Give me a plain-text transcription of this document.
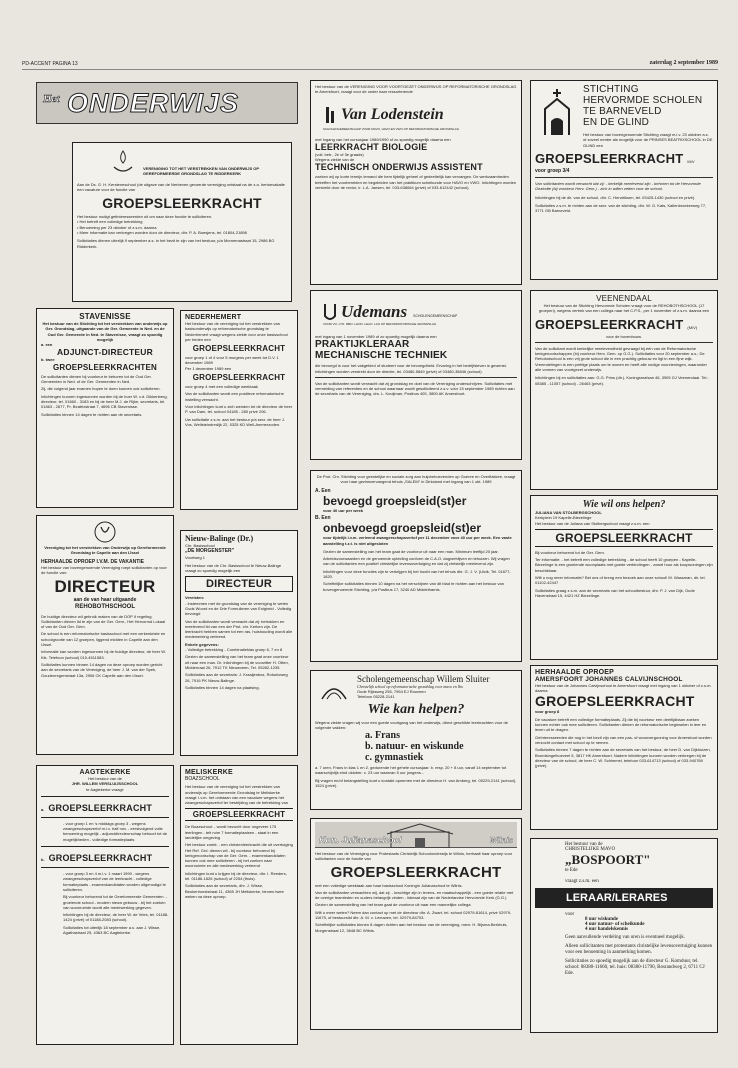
PD-ACCENT PAGINA 13	zaterdag 2 september 1989
Het ONDERWIJS
VERENIGING TOT HET VERSTREKKEN VAN ONDERWIJS OP GEREFORMEERDE GRONDSLAG TE RIDDERKERK
Aan de Ds. G. H. Kersteneschool (de uitgave van de Nerbeven gevoerde vereniging ontstaat na de z.a. hertoevakatie een vacature voor de functie van
GROEPSLEERKRACHT
Het bestuur nodigt getinteresseerden uit om naar deze functie te solliciteren.
• Het betreft een volledige betrekking
• Benoeming per 23 oktober of z.s.m. daarna
• Meer informatie kan verkregen worden door de directeur, dhr. P. A. Boesjens, tel. 01804-21898
Sollicitaties dienen uiterlijk 9 september a.s. in het bezit te zijn van het bestuur, p/a Mornemastraat 15, 2986 BG Ridderkerk.
Het bestuur van de VERENIGING VOOR VOORTGEZET ONDERWIJS OP REFORMATORISCHE GRONDSLAG te Amersfoort, vraagt voor de onder haar ressorterende
Van Lodenstein
SCHOLENGEMEENSCHAP VOOR MAVO, HAVO EN VWO OP REFORMATORISCHE GRONDSLAG
met ingang van het cursusjaar 1989/1990 of zo spoedig mogelijk daarna een
LEERKRACHT BIOLOGIE
(voll. betr., 2e of 3e graads)
Wegens ziekte van de
TECHNISCH ONDERWIJS ASSISTENT
zoeken wij op korte termijn iemand die hem tijdelijk geheel of gedeeltelijk kan vervangen. De werkzaamheden betreffen het voorbereiden en begeleiden van het praktikum scheikunde voor HAVO en VWO. Inlichtingen worden verstrekt door de rector, ir. L.A. Jansen, tel. 033-638064 (privé) of 033-612442 (school).
Udemans SCHOLENGEMEENSCHAP
VOOR VO. LTO. MBO. LHNO. LEAO. LAO OP REFORMATORISCHE GRONDSLAG
met ingang van 1 november 1989 of zo spoedig mogelijk daarna een
PRAKTIJKLERAAR
MECHANISCHE TECHNIEK
die bevoegd is voor het vakgebied of studeert voor de bevoegdheid. Ervaring in het bedrijfsleven is gewenst. Inlichtingen worden verstrekt door de directie, tel. 03480-5849 (privé) of 03480-35846 (school).
Van de sollicitanten wordt verwacht dat zij grondslag en doel van de Vereniging onderschrijven. Sollicitaties met vermelding van referenties en de school waarnaar wordt gesolliciteerd z.s.v. vóór 15 september 1989 richten aan de secretaris van de Vereniging, drs. L. Kooijman, Postbus 405, 3800 AK Amersfoort.
STICHTING
HERVORMDE SCHOLEN
TE BARNEVELD
EN DE GLIND
Het bestuur van bovengenoemde Stichting vraagt m.i.v. 23 oktober a.s. of zoveel eerder als mogelijk voor de PRINSES BEATRIXSCHOOL in DE GLIND een
GROEPSLEERKRACHT M/V
voor groep 3/4
Van sollicitanten wordt verwacht dat zij: - kerkelijk meelevend zijn - behoren tot de Hervormde Gezindte (bij voorkeur Herv. Gem.) - zich in willen zetten voor de school.
Inlichtingen bij de dir. van de school, dhr. C. Hendriksen, tel. 03425-1430 (school en privé).
Sollicitaties z.s.m. te richten aan de secr. van de stichting, dhr. W. G. Kats, Kallenbroekerweg 77, 3771 GB Barneveld.
VEENENDAAL
Het bestuur van de Stichting Hervormde Scholen vraagt voor de REHOBOTHSCHOOL (17 groepen), wegens vertrek van een collega naar het C.P.S., per 1 november of z.s.m. daarna een
GROEPSLEERKRACHT (M/V)
voor de bovenbouw.
Van de sollicitant wordt kerkelijke meelevendheid gevraagd bij één van de Reformatorische kerkgenootschappen (bij voorkeur Herv. Gem. op G.G.). Sollicitaties voor 20 september a.s.; De Rehobotschool is een vrij grote school die in een prachtig gebouw en ligt in een fijne wijk. Vreemdelingen is een prettige plaats om te wonen en heeft alle nodige voorzieningen, waaronder alle vormen van voortgezet onderwijs.
Inlichtingen bij en sollicitaties aan: G.G. Prins (dir.), Koningsmaïsan 46, 3905 GJ Veenendaal. Tel.: 08385 - 11057 (school) - 26463 (privé).
STAVENISSE
Het bestuur van de Stichting tot het verstrekken van onderwijs op Ger. Grondslag, uitgaande van de Ger. Gemeente in Ned. en de Oud Ger. Gemeente in Ned. te Stavenisse, vraagt zo spoedig mogelijk
a. een
ADJUNCT-DIRECTEUR
b. twee
GROEPSLEERKRACHTEN
De sollicitanten dienen bij voorkeur te behoren tot de Oud Ger. Gemeenten in Ned. of de Ger. Gemeenten in Ned.
Zij, die volgend jaar examen hopen te doen kunnen ook solliciteren.
Inlichtingen kunnen ingewonnen worden bij de hoer W. v.d. Dikkenberg, directeur, tel. 01660 - 3183 en bij de heer M.J. de Rijke, secretaris, tel. 01663 - 2877, Pr. Beatrixstraat 7, 4696 CB Stavenisse.
Sollicitaties binnen 14 dagen te richten aan de secretaris.
NEDERHEMERT
Het bestuur van de vereniging tot het verstrekken van basisonderwijs op reformatorische grondslag te Nederhemert vraagt wegens ziekte voor onze basisschool per heden een
GROEPSLEERKRACHT
voor groep 1 of 4 voor 5 morgens per week tot D.V. 1 december 1989
Per 1 december 1989 een
GROEPSLEERKRACHT
voor groep 4 met een volledige weektaak
Van de sollicitanten wordt een positieve reformatorische instelling verwacht.
Voor inlichtingen kunt u zich wenden tot de directeur de heer P. van Dam, tel. school 04185 - 280 privé 206.
Uw sollicitatie z.s.m. aan het bestuur p/a secr. de heer J. Vos, Wellsteindredijk 22, 5325 KD Well-Ammerzoden.
De Prot. Chr. Stichting voor geestelijke en sociale zorg aan hulpbehoevenden op Goeree en Overflakkee, vraagt voor haar gezinsvervangend tehuis „SALEM" in Dirksland met ingang van 1 okt. 1989
A. Een
bevoegd groepsleid(st)er
voor 40 uur per week
B. Een
onbevoegd groepsleid(st)er
voor tijdelijk i.v.m. verleend zwangerschapsverlof per 11 december voor 40 uur per week. Een vaste aanstelling t.z.t. is niet uitgesloten
Gezien de samenstelling van het team gaat de voorkeur uit naar een man. Minimum leeftijd 20 jaar.
Arbeidsvoorwaarden en de genoemde opleiding conform de C.A.O. dagverblijven en tehuizen. Wij vragen van de sollicitanten een positief christelijke levensovertuiging en dat zij christelijk meelevend zijn.
Inlichtingen voor deze functies zijn te verkrijgen bij het hoofd van het tehuis dhr. G. J. V. (Ulcik, Tel. 01877-1820.
Schriftelijke sollicitaties binnen 10 dagen na het verschijnen van dit blad te richten aan het bestuur van bovengenoemde Stichting, p/a Postbus 17, 3240 AD Middelharnis.
Wie wil ons helpen?
JULIANA VAN STOLBERGSCHOOL
Kerkplein 19 Kapelle-Biezelinge
Het bestuur van de Juliana van Stolbergschool vraagt z.s.m. een
GROEPSLEERKRACHT
Bij voorkeur behorend tot de Ger. Gem.
Ter informatie: - het betreft een volledige betrekking - de school heeft 10 groepen - Kapelle-Biezelinge is een groeiende woonplaats met goede verbindingen - zowel huur als koopwoningen zijn beschikbaar.
Wilt u nog meer informatie? Bel ons of breng een bezoek aan onze school! M. Wassman, dir. tel. 01102-42447
Sollicitaties graag z.s.m. aan de secretaris van het schoolbestuur, dhr. P. J. van Dijk, Oude Havenstraat 15, 4421 HZ Biezelinge.
Vereniging tot het verstrekken van Onderwijs op Gereformeerde Grondslag te Capelle aan den IJssel
HERHAALDE OPROEP I.V.M. DE VAKANTIE
Het bestuur van bovengenoemde Vereniging roept sollicitanten op voor de functie van:
DIRECTEUR
aan de van haar uitgaande
REHOBOTHSCHOOL
De huidige directeur wil gebruik maken van de DOP II regeling. Sollicitanten dienen lid te zijn van de Ger. Gem., Het Hervormd Lokaal of van de Oud Ger. Gem.
De school is een reformatorische basisschool met een verkenkriste en schoolgrootte van 12 groepen, liggend midden in Capelle aan den IJssel.
Informatie kan worden ingewonnen bij de huidige directeur, de heer W. Kik. Telefoon (school) 010-4511583.
Sollicitaties kunnen binnen 14 dagen na deze oproep worden gericht aan de secretaris van de Vereniging, de heer J. M. van der Spek, Goudenregenstraat 13a, 2906 CK Capelle aan den IJssel.
Nieuw-Balinge (Dr.)
Chr. Basisschool
„DE MORGENSTER"
Voortweg 1
Het bestuur van de Chr. Basisschool te Nieuw-Balinge vraagt zo spoedig mogelijk een
DIRECTEUR
Vereisten:
- Instemmen met de grondslag van de vereniging te weten Gods Woord en de Drie Formulieren van Enigheid - Volledig bevoegd
Van de sollicitanten wordt verwacht dat zij: betrokken en meelevend lid van een der Prot. chr. Kerken zijn. De leerkracht hebben samen tot een ras, huishouding wordt alle medewerking verleend.
Enkele gegevens:
- Volledige betrekking - Combinatieklas groep 6, 7 en 8
Gezien de samenstelling van het team gaat onze voorkeur uit naar een man. Dr. inlichtingen bij de voorzitter H. Otten, Middenraai 26, 7912 TK Nieuwveen, Tel. 05282-1235.
Sollicitaties aan de secretaris: J. Kraaijenbos, Rotonloweg 26, 7916 PK Nieuw-Balinge.
Sollicitaties binnen 14 dagen na plaatsing.
Scholengemeenschap Willem Sluiter
Christelijk school op reformatorische grondslag voor mavo en lbo
Oude Rijksweg 255, 7954 EJ Rouveen
Telefoon 05228-2141
Wie kan helpen?
Wegens ziekte vragen wij voor een goede voortgang van het onderwijs, direct geschikte leerkrachten voor de volgende vakken:
a. Frans
b. natuur- en wiskunde
c. gymnastiek
a. 7 uren, Frans in klas 1 en 2, gedurende het gehele cursusjaar. b. resp. 20 + 8 uur, vanaf 14 september tot waarschijnlijk eind oktober. c. 23 uur waarvan 5 uur jongens...
Bij vragen en/of belangstelling kunt u kontakt opnemen met de directeur H. van Amberg, tel. 05229-2141 (school), 1524 (privé).
HERHAALDE OPROEP
AMERSFOORT JOHANNES CALVIJNSCHOOL
Het bestuur van de Johannes Calvijnschool te Amersfoort vraagt met ingang van 1 oktober of z.s.m. daarna
GROEPSLEERKRACHT
voor groep 8
De vacature betreft een volledige formatieplaats. Zij die bij voorkeur een deeltijdbaan zoeken kunnen echter ook mee solliciteren. Sollicitanten dienen de reformatorische beginselen in leer en leven uit te dragen.
Geïnteresseerden die nog in het bezit zijn van een pas- of woonvergunning voor Amersfoort worden verzocht contact met school op te nemen.
Sollicitaties binnen 7 dagen te richten aan de secretaris van het bestuur, de heer D. van Dijkhuizen, Broedsingelhoeveel 5, 3817 HK Amersfoort. Nadere inlichtingen kunnen worden verkregen bij de directeur van de school, de heer C. W. Schimmel, telefoon 033-614713 (school) of 033-940789 (privé).
AAGTEKERKE
Het bestuur van de
JHR. WILLEM VERSLUIJSSCHOOL
te Aagtekerke vraagt:
a. GROEPSLEERKRACHT
- voor groep 1 en 's middags groep 3 - wegens zwangerschapsverlof m.i.v. half nov. - eerstvolgend volle benoeming mogelijk - adjunctdirecteurschap behoort tot de mogelijkheden - volledige formatieplaats
b. GROEPSLEERKRACHT
- voor groep 3 en 4 m.i.v. 1 maart 1990 - wegens zwangerschapsverlof van de leerkracht - volledige formatieplaats - examenkandidaten worden uitgenodigd te solliciteren.
Bij voorkeur behorend tot de Gereformeerde Gemeenten. - groeiende school - modern nieuw gebouw - bij het zoeken van woonruimte wordt alle medewerking gegeven.
Inlichtingen bij de directeur, de heer W. de Vries, tel. 01188-1424 (privé) of 01188-2083 (school).
Sollicitaties tot uiterlijk 18 september a.s. aan J. Wisse, Agathastraat 25, 4363 BC Aagtekerke.
MELISKERKE
BOAZSCHOOL
Het bestuur van de vereniging tot het verstrekken van onderwijs op Gereformeerde Grondslag te Meliskerke vraagt: i.v.m. het ontstaan van een vacature wegens het zwangerschapsverlof ter bestrijding van de betrekking van
GROEPSLEERKRACHT
De Boazschool: - wordt bezocht door ongeveer 175 leerlingen - telt ruim 7 formatieplaatsen - staat in een landelijke omgeving
Het bestuur zoekt: - een christenleerkracht die uit overtuiging Het Ref. Grd. dienen wil - bij voorkeur behorend bij kerkgenootschap van de Ger. Gem. - examenkandidaten kunnen ook mee solliciteren - bij het zoeken naar woonruimte en alle medewerking verleend
Inlichtingen kunt u krijgen bij de directeur, dhr. I. Reeders, tel. 01186-1626 (school) of 2254 (thuis).
Sollicitaties aan de secretaris, dhr. J. Wisse, Beukenhorststraat 11, 4365 JH Meliskerke, binnen twee weken na deze oproep.
Kon. Julianaschool	Wilnis
Het bestuur van de Vereniging voor Protestants Christelijk Schoolonderwijs te Wilnis, herhaalt haar oproep voor sollicitanten voor de functie van
GROEPSLEERKRACHT
met een volledige weektaak aan haar basisschool Koningin Julianaschool te Wilnis.
Van de sollicitanten verwachten wij, dat zij: - krachtige zijn in levens- en maatschappelijk - een goede relatie met de overige teamleden en ouders belangrijk vinden - lidmaat zijn van de Nederlandse Hervormde Kerk (G.G.)
Gezien de samenstelling van het team gaat de voorkeur uit naar een mannelijke collega.
Wilt u meer weten? Neem dan contact op met de directeur dhr. A. Zwart, tel. school 02979-81614, privé 02979-11675, of bestuurslid dhr. A. M. v. Leeuwen, tel. 02979-84703.
Schriftelijke sollicitaties binnen 8 dagen richten aan het bestuur van de vereniging, mevr. H. Bijsma-Berkhuis, Morgenstraat 12, 3648 BC Wilnis.
Het bestuur van de
CHRISTELIJKE MAVO
„BOSPOORT"
te Ede
vraagt z.s.m. een
LERAAR/LERARES
voor
8 uur wiskunde
4 uur natuur- of scheikunde
4 uur handelskennis
Geen aanvullende verdeling van uren is eventueel mogelijk.
Alleen sollicitanten met protestants christelijke levensovertuiging kunnen voor een benoeming in aanmerking komen.
Sollicitaties zo spoedig mogelijk aan de directeur G. Komduur, tel. school: 08380-11660, tel. huis: 08380-11790, Bosrandweg 2, 6711 CJ Ede.
